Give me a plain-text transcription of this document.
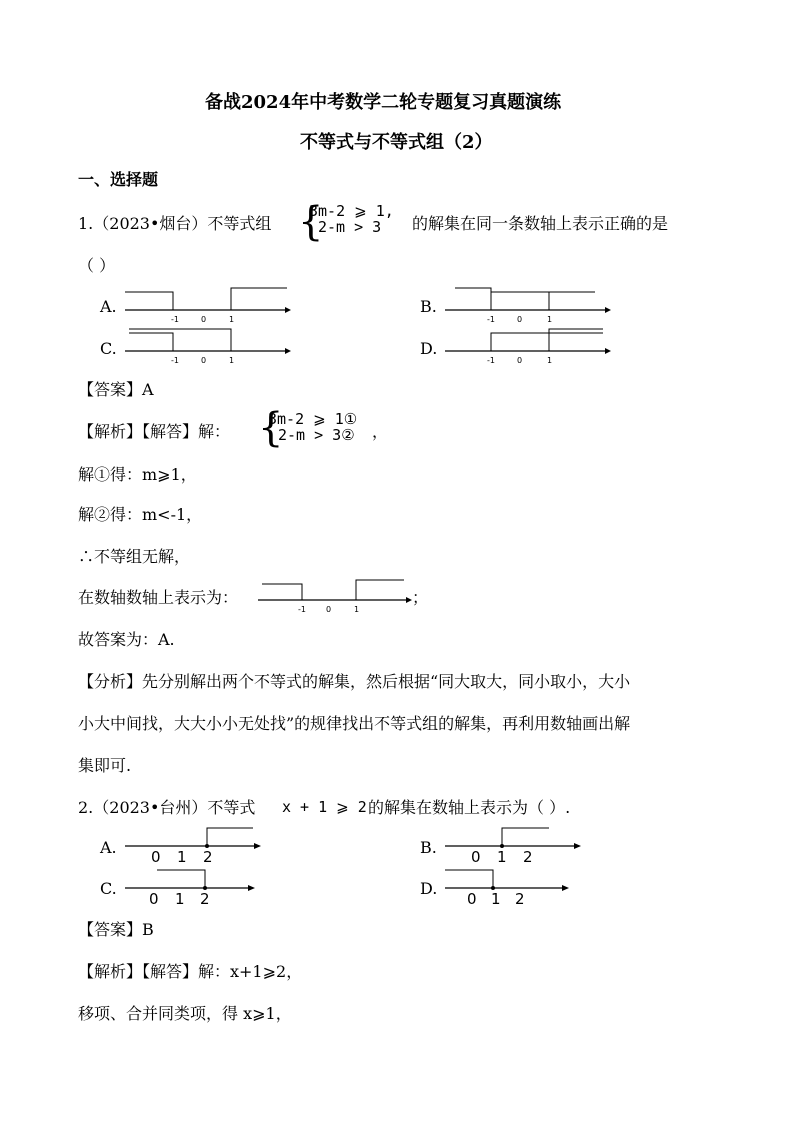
备战2024年中考数学二轮专题复习真题演练
不等式与不等式组（2）
一、选择题
1.（2023•烟台）不等式组 {
3m-2 ⩾ 1,
2-m > 3 的解集在同一条数轴上表示正确的是
（ ）
A.
-1	0	1
B.
-1	0	1
C.
-1	0	1
D.
-1	0	1
【答案】A
【解析】【解答】解： {
3m-2 ⩾ 1①
2-m > 3② ，
解①得：m⩾1，
解②得：m<-1，
∴不等组无解，
在数轴数轴上表示为：
-1	0	1
；
故答案为：A.
【分析】先分别解出两个不等式的解集，然后根据“同大取大，同小取小，大小
小大中间找，大大小小无处找”的规律找出不等式组的解集，再利用数轴画出解
集即可.
2.（2023•台州）不等式 x + 1 ⩾ 2 的解集在数轴上表示为（ ）.
A. 0 1 2	B. 0 1 2
C.
0 1 2
D.
0 1 2
【答案】B
【解析】【解答】解：x+1⩾2，
移项、合并同类项，得 x⩾1，
